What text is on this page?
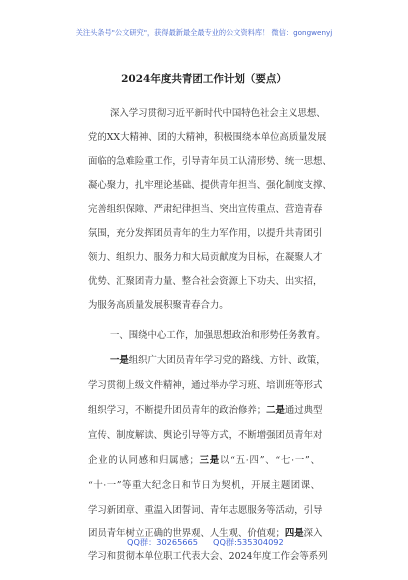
关注头条号"公文研究"，获得最新最全最专业的公文资料库！ 微信：gongwenyj
2024年度共青团工作计划（要点）
深入学习贯彻习近平新时代中国特色社会主义思想、
党的XX大精神、团的大精神，积极围绕本单位高质量发展
面临的急难险重工作，引导青年员工认清形势、统一思想、
凝心聚力，扎牢理论基础、提供青年担当、强化制度支撑、
完善组织保障、严肃纪律担当、突出宣传重点、营造青春
氛围，充分发挥团员青年的生力军作用，以提升共青团引
领力、组织力、服务力和大局贡献度为目标，在凝聚人才
优势、汇聚团青力量、整合社会资源上下功夫、出实招，
为服务高质量发展积聚青春合力。
一、围绕中心工作，加强思想政治和形势任务教育。
一是组织广大团员青年学习党的路线、方针、政策，
学习贯彻上级文件精神，通过举办学习班、培训班等形式
组织学习，不断提升团员青年的政治修养；二是通过典型
宣传、制度解读、舆论引导等方式，不断增强团员青年对
企业的认同感和归属感；三是以“五·四”、“七·一”、
“十·一”等重大纪念日和节日为契机，开展主题团课、
学习新团章、重温入团誓词、青年志愿服务等活动，引导
团员青年树立正确的世界观、人生观、价值观；四是深入
学习和贯彻本单位职工代表大会、2024年度工作会等系列
QQ群：30265665 QQ群:535304092
